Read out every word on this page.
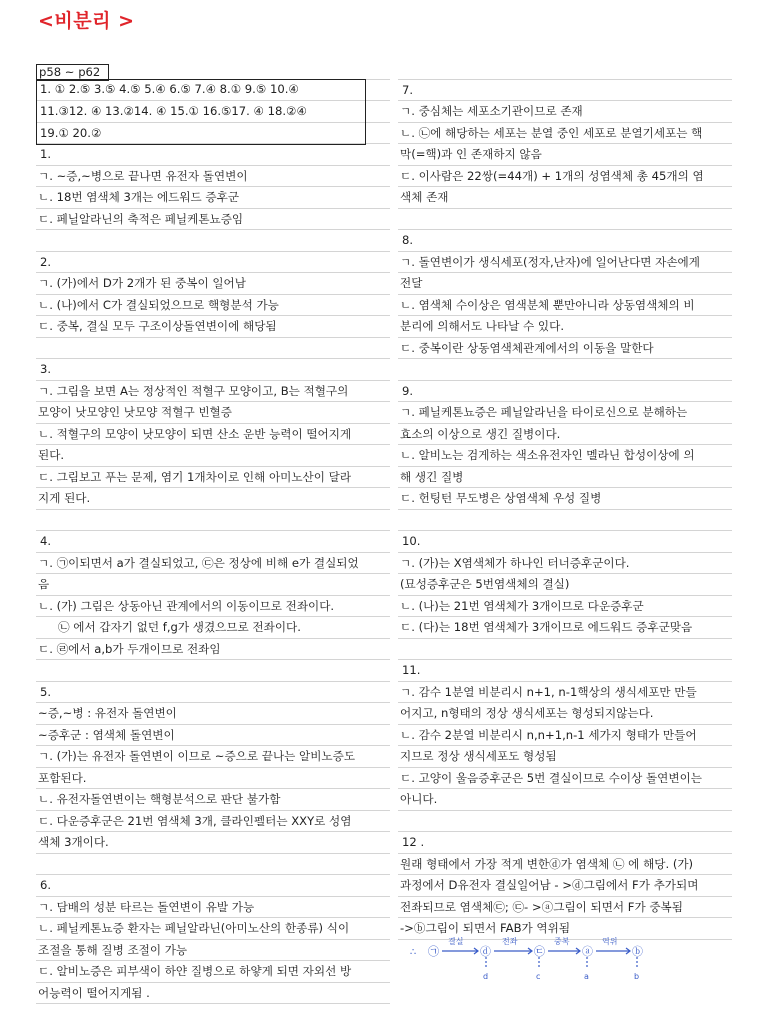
<비분리 >
1.
ㄱ. ~증,~병으로 끝나면 유전자 돌연변이
ㄴ. 18번 염색체 3개는 에드워드 증후군
ㄷ. 페닐알라닌의 축적은 페닐케톤뇨증임
2.
ㄱ. (가)에서 D가 2개가 된 중복이 일어남
ㄴ. (나)에서 C가 결실되었으므로 핵형분석 가능
ㄷ. 중복, 결실 모두 구조이상돌연변이에 해당됨
3.
ㄱ. 그림을 보면 A는 정상적인 적혈구 모양이고, B는 적혈구의
모양이 낫모양인 낫모양 적혈구 빈혈증
ㄴ. 적혈구의 모양이 낫모양이 되면 산소 운반 능력이 떨어지게
된다.
ㄷ. 그림보고 푸는 문제, 염기 1개차이로 인해 아미노산이 달라
지게 된다.
4.
ㄱ. ㉠이되면서 a가 결실되었고, ㉢은 정상에 비해 e가 결실되었
음
ㄴ. (가) 그림은 상동아닌 관계에서의 이동이므로 전좌이다.
㉡ 에서 갑자기 없던 f,g가 생겼으므로 전좌이다.
ㄷ. ㉣에서 a,b가 두개이므로 전좌임
5.
~증,~병 : 유전자 돌연변이
~증후군 : 염색체 돌연변이
ㄱ. (가)는 유전자 돌연변이 이므로 ~증으로 끝나는 알비노증도
포함된다.
ㄴ. 유전자돌연변이는 핵형분석으로 판단 불가함
ㄷ. 다운증후군은 21번 염색체 3개, 클라인펠터는 XXY로 성염
색체 3개이다.
6.
ㄱ. 담배의 성분 타르는 돌연변이 유발 가능
ㄴ. 페닐케톤뇨증 환자는 페닐알라닌(아미노산의 한종류) 식이
조절을 통해 질병 조절이 가능
ㄷ. 알비노증은 피부색이 하얀 질병으로 하얗게 되면 자외선 방
어능력이 떨어지게됨 .
7.
ㄱ. 중심체는 세포소기관이므로 존재
ㄴ. ㉡에 해당하는 세포는 분열 중인 세포로 분열기세포는 핵
막(=핵)과 인 존재하지 않음
ㄷ. 이사람은 22쌍(=44개) + 1개의 성염색체 총 45개의 염
색체 존재
8.
ㄱ. 돌연변이가 생식세포(정자,난자)에 일어난다면 자손에게
전달
ㄴ. 염색체 수이상은 염색분체 뿐만아니라 상동염색체의 비
분리에 의해서도 나타날 수 있다.
ㄷ. 중복이란 상동염색체관계에서의 이동을 말한다
9.
ㄱ. 페닐케톤뇨증은 페닐알라닌을 타이로신으로 분해하는
효소의 이상으로 생긴 질병이다.
ㄴ. 알비노는 검게하는 색소유전자인 멜라닌 합성이상에 의
해 생긴 질병
ㄷ. 헌팅턴 무도병은 상염색체 우성 질병
10.
ㄱ. (가)는 X염색체가 하나인 터너증후군이다.
(묘성증후군은 5번염색체의 결실)
ㄴ. (나)는 21번 염색체가 3개이므로 다운증후군
ㄷ. (다)는 18번 염색체가 3개이므로 에드워드 증후군맞음
11.
ㄱ. 감수 1분열 비분리시 n+1, n-1핵상의 생식세포만 만들
어지고, n형태의 정상 생식세포는 형성되지않는다.
ㄴ. 감수 2분열 비분리시 n,n+1,n-1 세가지 형태가 만들어
지므로 정상 생식세포도 형성됨
ㄷ. 고양이 울음증후군은 5번 결실이므로 수이상 돌연변이는
아니다.
12 .
원래 형태에서 가장 적게 변한ⓓ가 염색체 ㉡ 에 해당. (가)
과정에서 D유전자 결실일어남 - >ⓓ그림에서 F가 추가되며
전좌되므로 염색체㉢; ㉢- >ⓐ그림이 되면서 F가 중복됨
->ⓑ그림이 되면서 FAB가 역위됨
p58 ~ p62
1. ① 2.⑤ 3.⑤ 4.⑤ 5.④ 6.⑤ 7.④ 8.① 9.⑤ 10.④
11.③12. ④ 13.②14. ④ 15.① 16.⑤17. ④ 18.②④
19.① 20.②
∴ ㉠	ⓓ	㉢	ⓐ	ⓑ
결실	전좌	중복	역위
d	c	a	b
